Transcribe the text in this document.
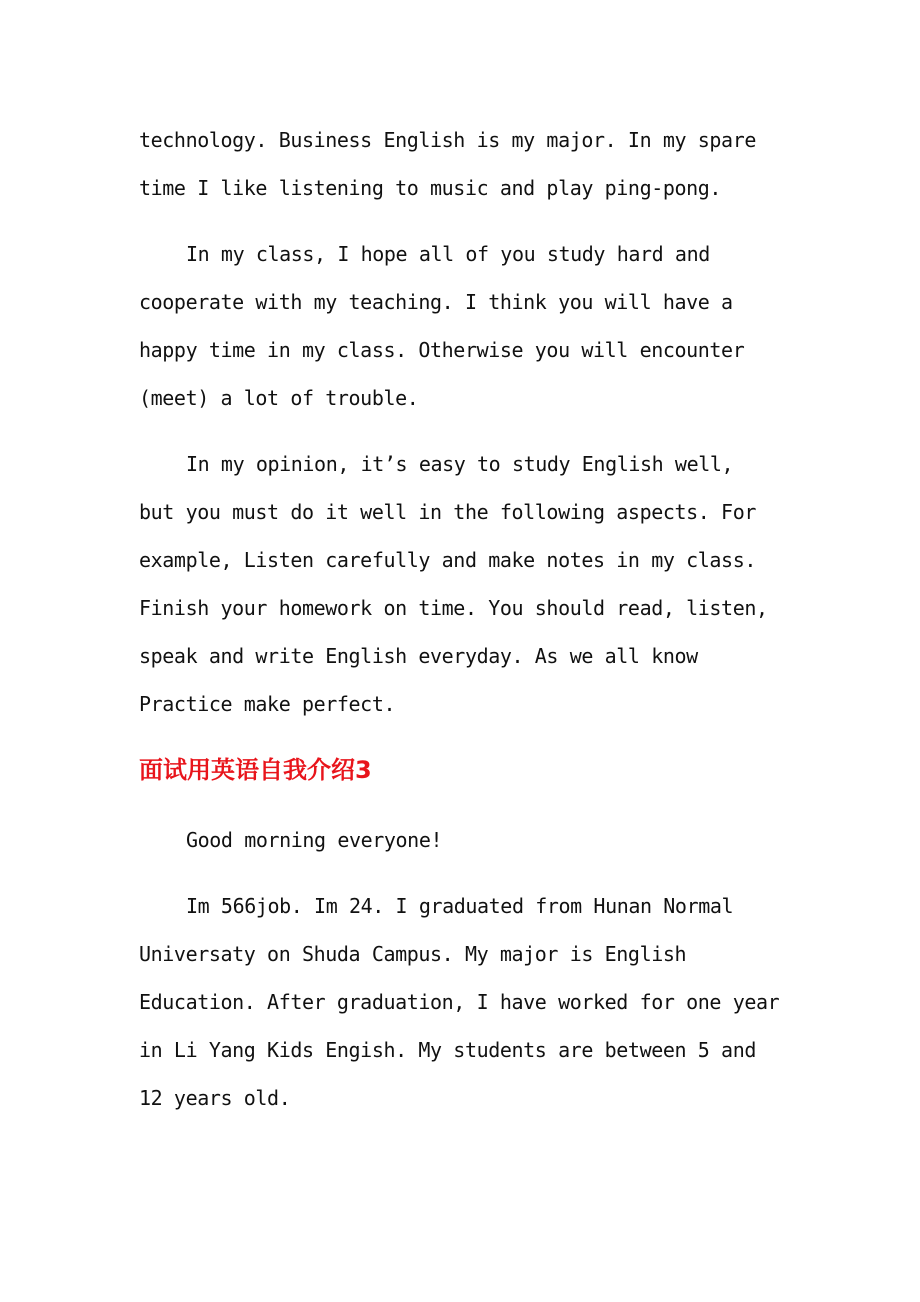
technology. Business English is my major. In my spare
time I like listening to music and play ping-pong.
In my class, I hope all of you study hard and
cooperate with my teaching. I think you will have a
happy time in my class. Otherwise you will encounter
(meet) a lot of trouble.
In my opinion, it’s easy to study English well,
but you must do it well in the following aspects. For
example, Listen carefully and make notes in my class.
Finish your homework on time. You should read, listen,
speak and write English everyday. As we all know
Practice make perfect.
面试用英语自我介绍3
Good morning everyone!
Im 566job. Im 24. I graduated from Hunan Normal
Universaty on Shuda Campus. My major is English
Education. After graduation, I have worked for one year
in Li Yang Kids Engish. My students are between 5 and
12 years old.
